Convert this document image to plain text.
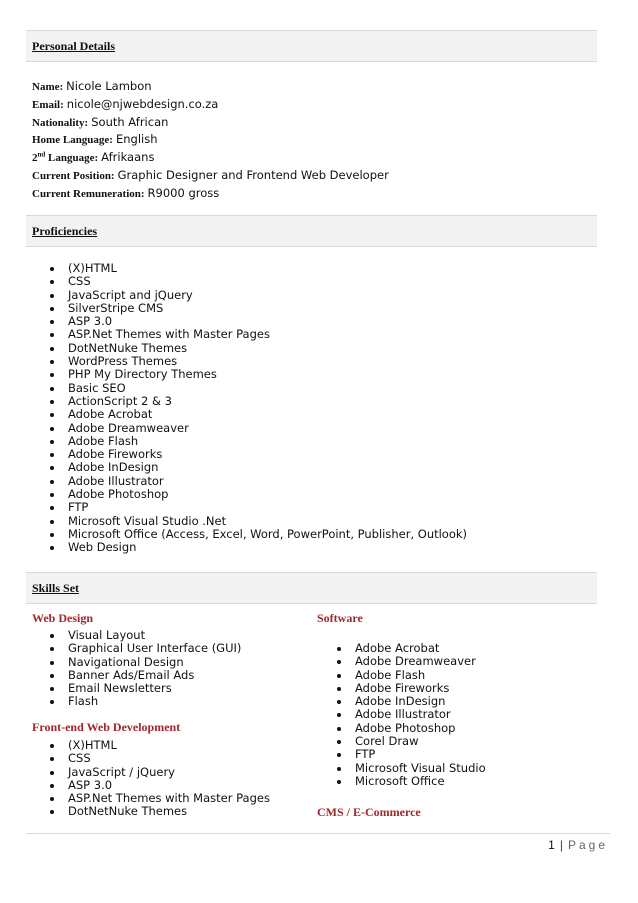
Personal Details
Name: Nicole Lambon
Email: nicole@njwebdesign.co.za
Nationality: South African
Home Language: English
2nd Language: Afrikaans
Current Position: Graphic Designer and Frontend Web Developer
Current Remuneration: R9000 gross
Proficiencies
(X)HTML
CSS
JavaScript and jQuery
SilverStripe CMS
ASP 3.0
ASP.Net Themes with Master Pages
DotNetNuke Themes
WordPress Themes
PHP My Directory Themes
Basic SEO
ActionScript 2 & 3
Adobe Acrobat
Adobe Dreamweaver
Adobe Flash
Adobe Fireworks
Adobe InDesign
Adobe Illustrator
Adobe Photoshop
FTP
Microsoft Visual Studio .Net
Microsoft Office (Access, Excel, Word, PowerPoint, Publisher, Outlook)
Web Design
Skills Set
Web Design
Visual Layout
Graphical User Interface (GUI)
Navigational Design
Banner Ads/Email Ads
Email Newsletters
Flash
Front-end Web Development
(X)HTML
CSS
JavaScript / jQuery
ASP 3.0
ASP.Net Themes with Master Pages
DotNetNuke Themes
Software
Adobe Acrobat
Adobe Dreamweaver
Adobe Flash
Adobe Fireworks
Adobe InDesign
Adobe Illustrator
Adobe Photoshop
Corel Draw
FTP
Microsoft Visual Studio
Microsoft Office
CMS / E-Commerce
1 | Page
